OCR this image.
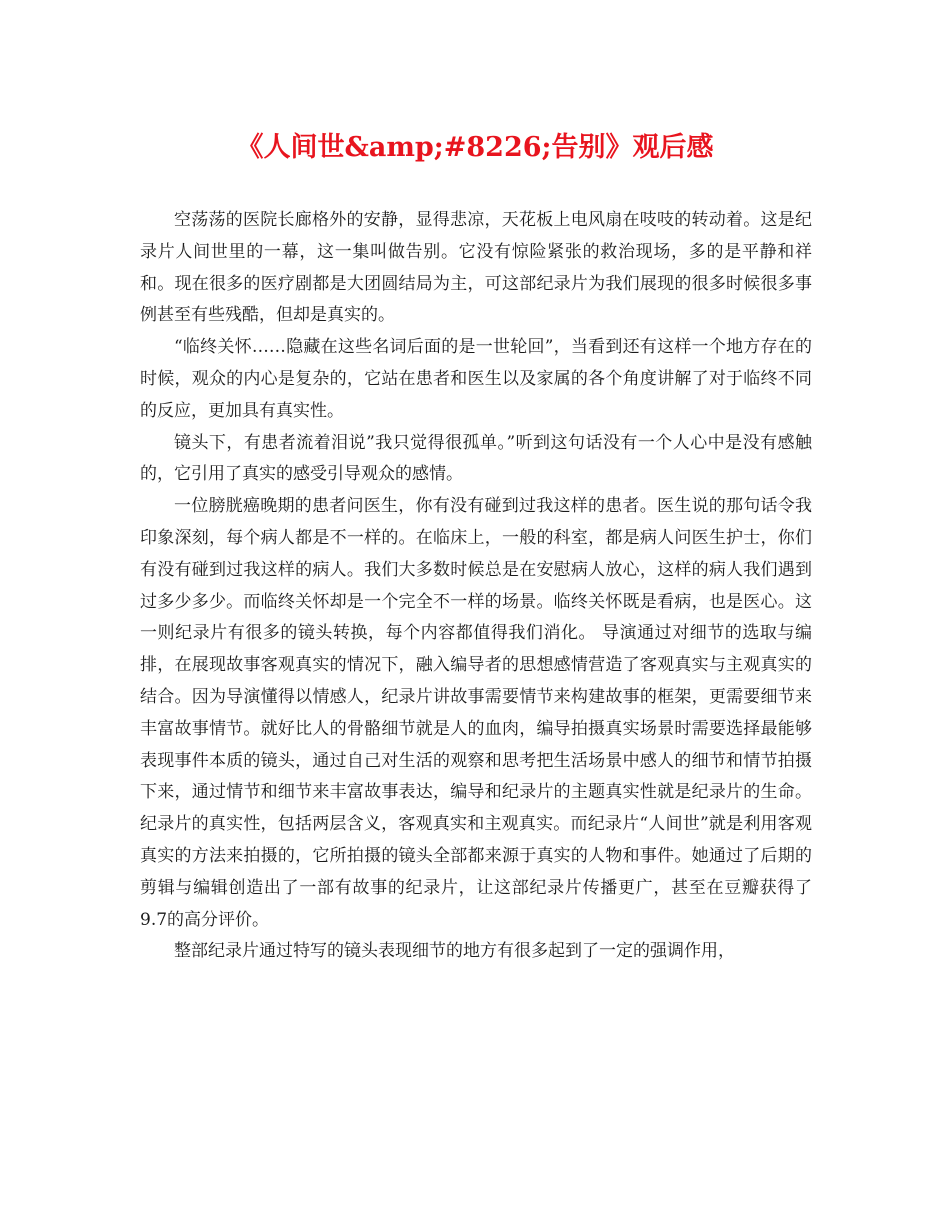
《人间世&amp;#8226;告别》观后感

空荡荡的医院长廊格外的安静，显得悲凉，天花板上电风扇在吱吱的转动着。这是纪录片人间世里的一幕，这一集叫做告别。它没有惊险紧张的救治现场，多的是平静和祥和。现在很多的医疗剧都是大团圆结局为主，可这部纪录片为我们展现的很多时候很多事例甚至有些残酷，但却是真实的。

“临终关怀……隐藏在这些名词后面的是一世轮回”，当看到还有这样一个地方存在的时候，观众的内心是复杂的，它站在患者和医生以及家属的各个角度讲解了对于临终不同的反应，更加具有真实性。

镜头下，有患者流着泪说”我只觉得很孤单。”听到这句话没有一个人心中是没有感触的，它引用了真实的感受引导观众的感情。

一位膀胱癌晚期的患者问医生，你有没有碰到过我这样的患者。医生说的那句话令我印象深刻，每个病人都是不一样的。在临床上，一般的科室，都是病人问医生护士，你们有没有碰到过我这样的病人。我们大多数时候总是在安慰病人放心，这样的病人我们遇到过多少多少。而临终关怀却是一个完全不一样的场景。临终关怀既是看病，也是医心。这一则纪录片有很多的镜头转换，每个内容都值得我们消化。 导演通过对细节的选取与编排，在展现故事客观真实的情况下，融入编导者的思想感情营造了客观真实与主观真实的结合。因为导演懂得以情感人，纪录片讲故事需要情节来构建故事的框架，更需要细节来丰富故事情节。就好比人的骨骼细节就是人的血肉，编导拍摄真实场景时需要选择最能够表现事件本质的镜头，通过自己对生活的观察和思考把生活场景中感人的细节和情节拍摄下来，通过情节和细节来丰富故事表达，编导和纪录片的主题真实性就是纪录片的生命。纪录片的真实性，包括两层含义，客观真实和主观真实。而纪录片“人间世”就是利用客观真实的方法来拍摄的，它所拍摄的镜头全部都来源于真实的人物和事件。她通过了后期的剪辑与编辑创造出了一部有故事的纪录片，让这部纪录片传播更广，甚至在豆瓣获得了9.7的高分评价。

整部纪录片通过特写的镜头表现细节的地方有很多起到了一定的强调作用，
